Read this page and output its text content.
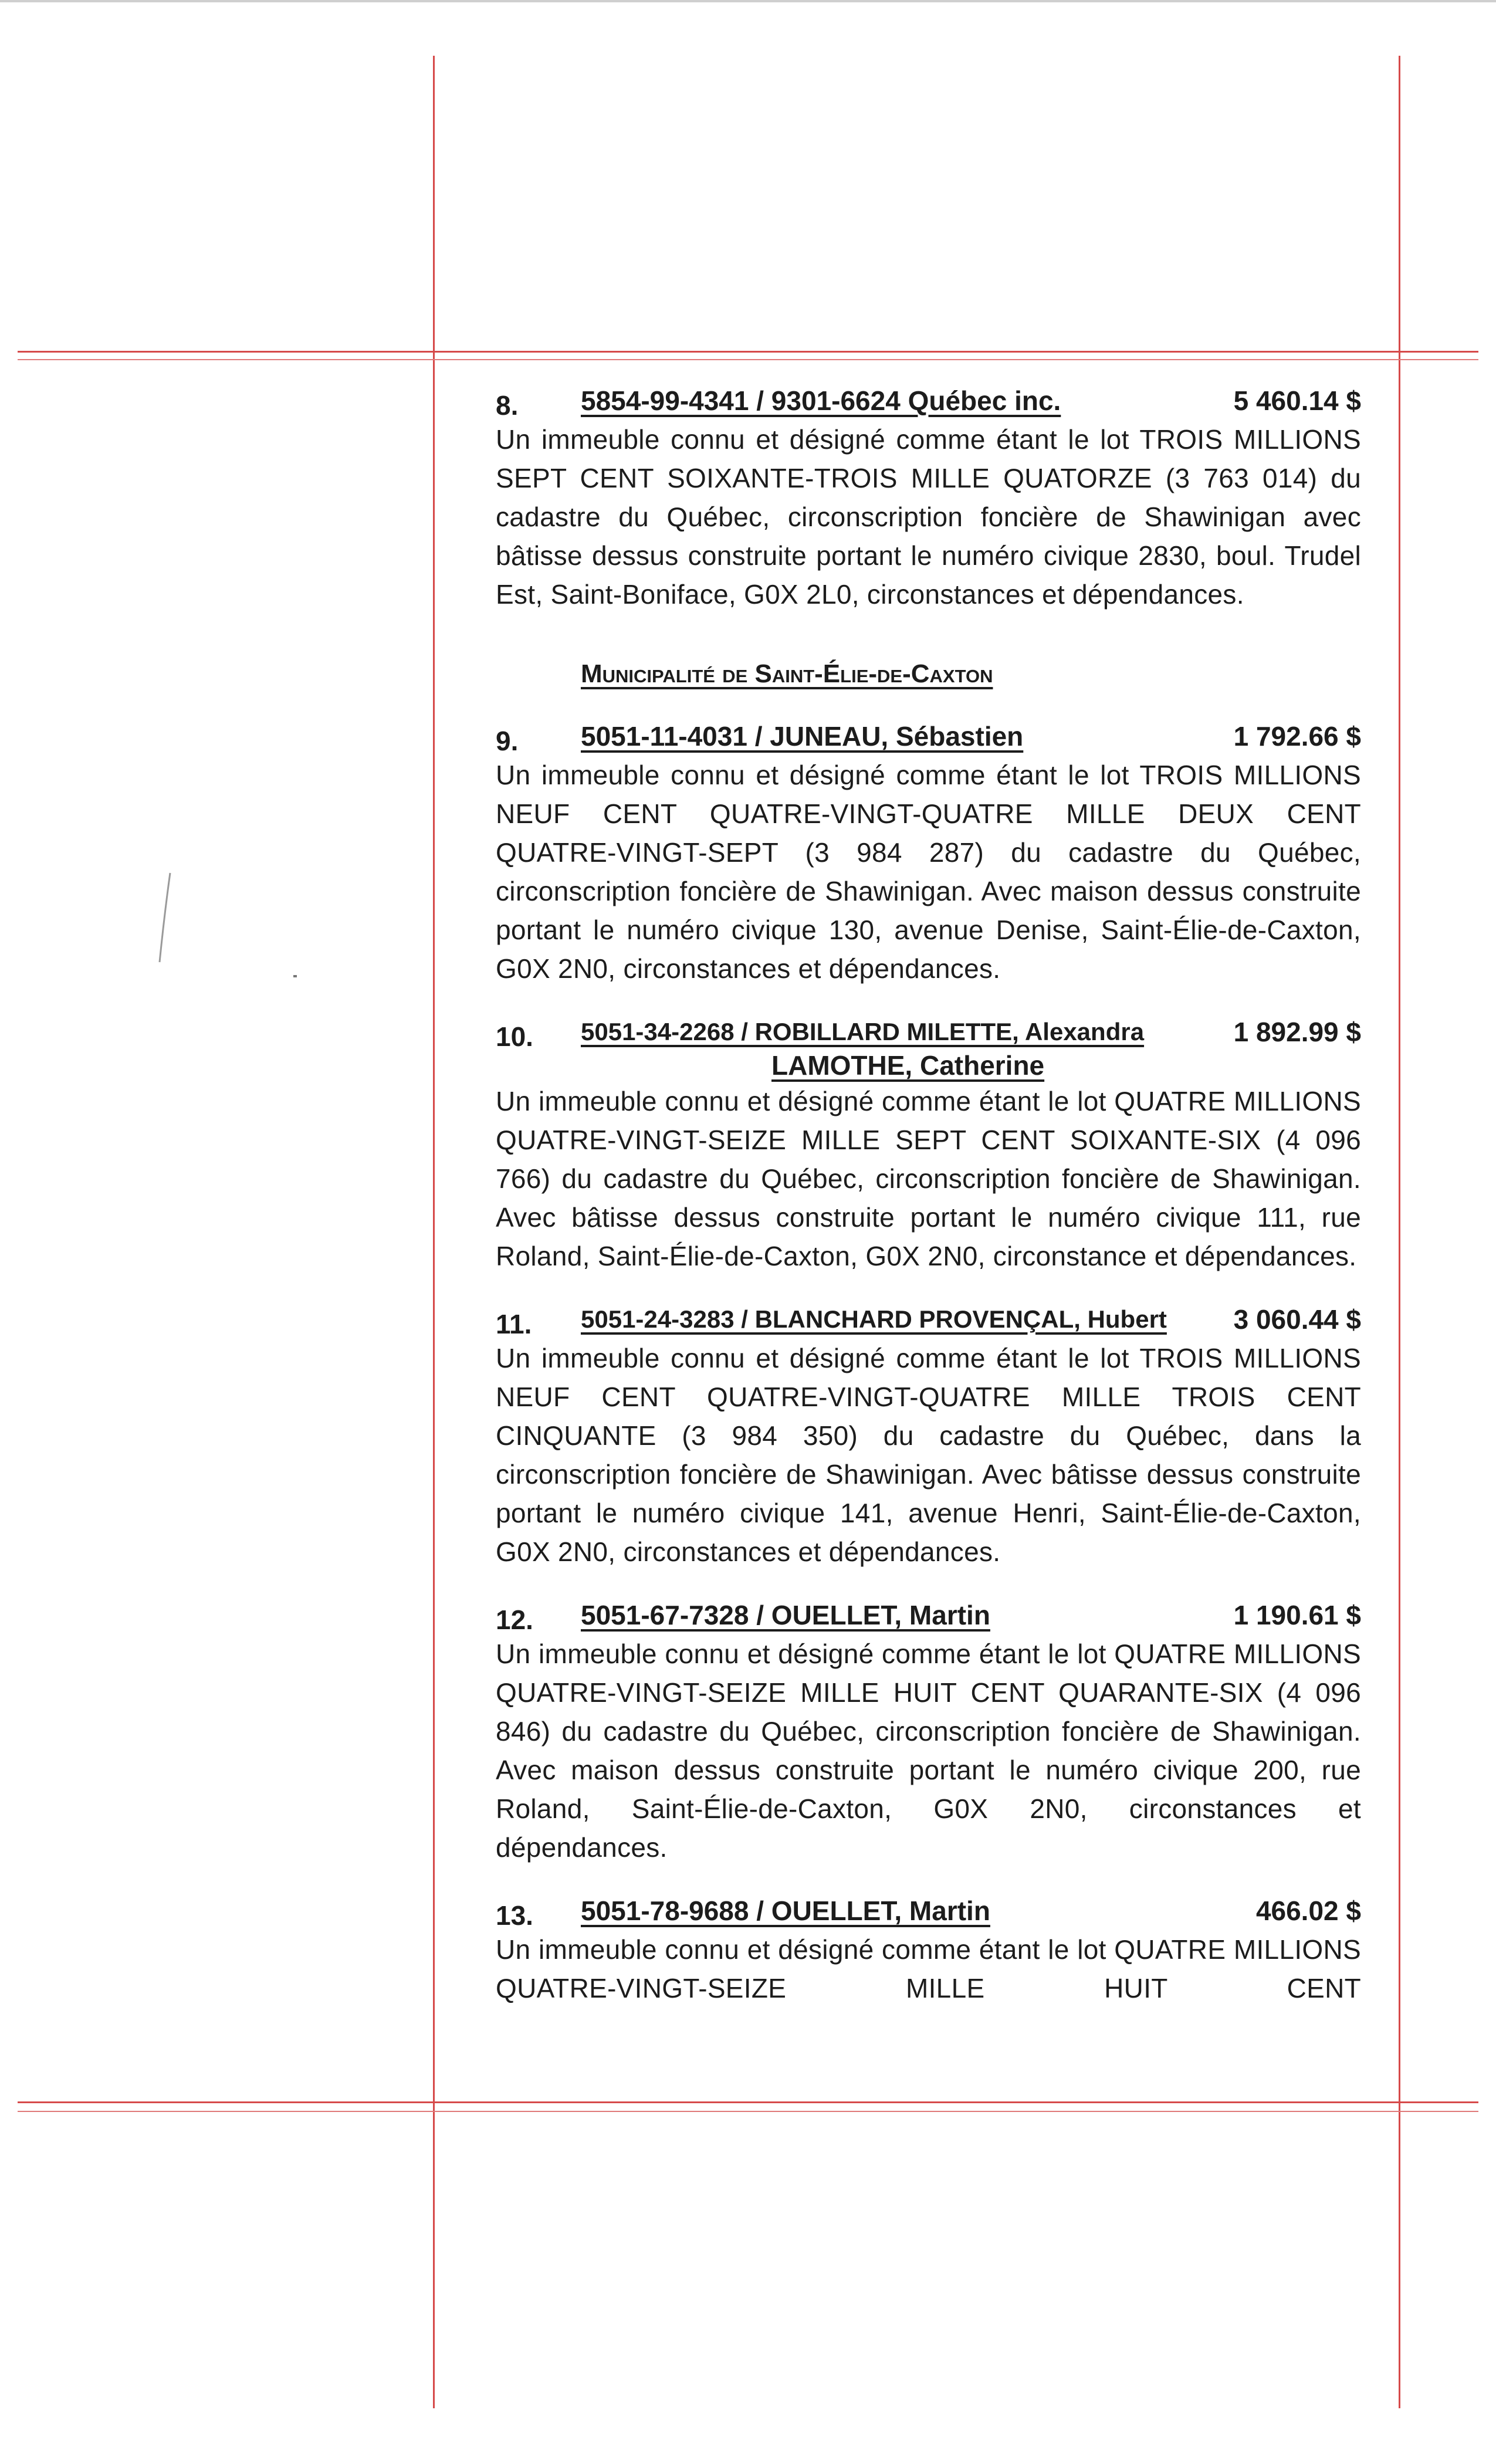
8. 5854-99-4341 / 9301-6624 Québec inc.	5 460.14 $
Un immeuble connu et désigné comme étant le lot TROIS MILLIONS SEPT CENT SOIXANTE-TROIS MILLE QUATORZE (3 763 014) du cadastre du Québec, circonscription foncière de Shawinigan avec bâtisse dessus construite portant le numéro civique 2830, boul. Trudel Est, Saint-Boniface, G0X 2L0, circonstances et dépendances.
Municipalité de Saint-Élie-de-Caxton
9. 5051-11-4031 / JUNEAU, Sébastien	1 792.66 $
Un immeuble connu et désigné comme étant le lot TROIS MILLIONS NEUF CENT QUATRE-VINGT-QUATRE MILLE DEUX CENT QUATRE-VINGT-SEPT (3 984 287) du cadastre du Québec, circonscription foncière de Shawinigan. Avec maison dessus construite portant le numéro civique 130, avenue Denise, Saint-Élie-de-Caxton, G0X 2N0, circonstances et dépendances.
10. 5051-34-2268 / ROBILLARD MILETTE, Alexandra	1 892.99 $
LAMOTHE, Catherine
Un immeuble connu et désigné comme étant le lot QUATRE MILLIONS QUATRE-VINGT-SEIZE MILLE SEPT CENT SOIXANTE-SIX (4 096 766) du cadastre du Québec, circonscription foncière de Shawinigan. Avec bâtisse dessus construite portant le numéro civique 111, rue Roland, Saint-Élie-de-Caxton, G0X 2N0, circonstance et dépendances.
11. 5051-24-3283 / BLANCHARD PROVENÇAL, Hubert 3 060.44 $
Un immeuble connu et désigné comme étant le lot TROIS MILLIONS NEUF CENT QUATRE-VINGT-QUATRE MILLE TROIS CENT CINQUANTE (3 984 350) du cadastre du Québec, dans la circonscription foncière de Shawinigan. Avec bâtisse dessus construite portant le numéro civique 141, avenue Henri, Saint-Élie-de-Caxton, G0X 2N0, circonstances et dépendances.
12. 5051-67-7328 / OUELLET, Martin	1 190.61 $
Un immeuble connu et désigné comme étant le lot QUATRE MILLIONS QUATRE-VINGT-SEIZE MILLE HUIT CENT QUARANTE-SIX (4 096 846) du cadastre du Québec, circonscription foncière de Shawinigan. Avec maison dessus construite portant le numéro civique 200, rue Roland, Saint-Élie-de-Caxton, G0X 2N0, circonstances et dépendances.
13. 5051-78-9688 / OUELLET, Martin	466.02 $
Un immeuble connu et désigné comme étant le lot QUATRE MILLIONS QUATRE-VINGT-SEIZE MILLE HUIT CENT
